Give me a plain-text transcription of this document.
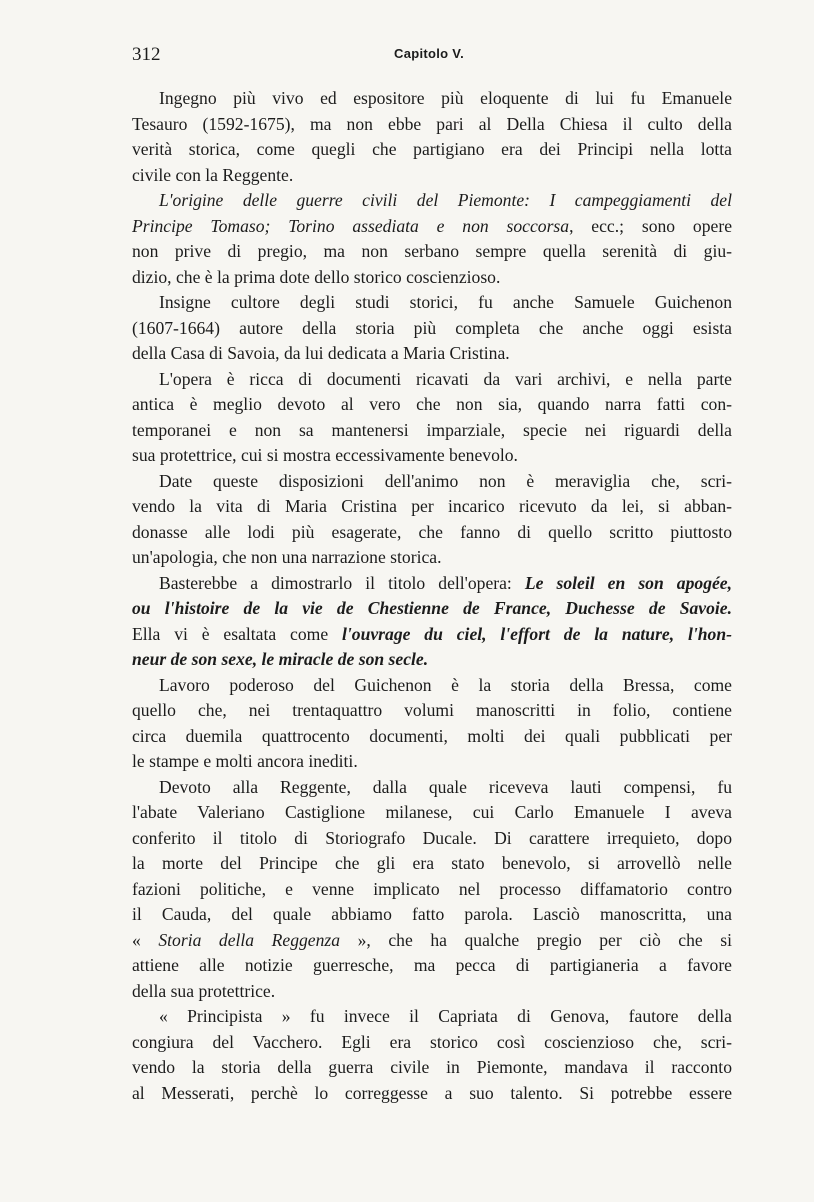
312	Capitolo V.
Ingegno più vivo ed espositore più eloquente di lui fu Emanuele
Tesauro (1592-1675), ma non ebbe pari al Della Chiesa il culto della
verità storica, come quegli che partigiano era dei Principi nella lotta
civile con la Reggente.
L'origine delle guerre civili del Piemonte: I campeggiamenti del
Principe Tomaso; Torino assediata e non soccorsa, ecc.; sono opere
non prive di pregio, ma non serbano sempre quella serenità di giu-
dizio, che è la prima dote dello storico coscienzioso.
Insigne cultore degli studi storici, fu anche Samuele Guichenon
(1607-1664) autore della storia più completa che anche oggi esista
della Casa di Savoia, da lui dedicata a Maria Cristina.
L'opera è ricca di documenti ricavati da vari archivi, e nella parte
antica è meglio devoto al vero che non sia, quando narra fatti con-
temporanei e non sa mantenersi imparziale, specie nei riguardi della
sua protettrice, cui si mostra eccessivamente benevolo.
Date queste disposizioni dell'animo non è meraviglia che, scri-
vendo la vita di Maria Cristina per incarico ricevuto da lei, si abban-
donasse alle lodi più esagerate, che fanno di quello scritto piuttosto
un'apologia, che non una narrazione storica.
Basterebbe a dimostrarlo il titolo dell'opera: Le soleil en son apogée,
ou l'histoire de la vie de Chestienne de France, Duchesse de Savoie.
Ella vi è esaltata come l'ouvrage du ciel, l'effort de la nature, l'hon-
neur de son sexe, le miracle de son secle.
Lavoro poderoso del Guichenon è la storia della Bressa, come
quello che, nei trentaquattro volumi manoscritti in folio, contiene
circa duemila quattrocento documenti, molti dei quali pubblicati per
le stampe e molti ancora inediti.
Devoto alla Reggente, dalla quale riceveva lauti compensi, fu
l'abate Valeriano Castiglione milanese, cui Carlo Emanuele I aveva
conferito il titolo di Storiografo Ducale. Di carattere irrequieto, dopo
la morte del Principe che gli era stato benevolo, si arrovellò nelle
fazioni politiche, e venne implicato nel processo diffamatorio contro
il Cauda, del quale abbiamo fatto parola. Lasciò manoscritta, una
« Storia della Reggenza », che ha qualche pregio per ciò che si
attiene alle notizie guerresche, ma pecca di partigianeria a favore
della sua protettrice.
« Principista » fu invece il Capriata di Genova, fautore della
congiura del Vacchero. Egli era storico così coscienzioso che, scri-
vendo la storia della guerra civile in Piemonte, mandava il racconto
al Messerati, perchè lo correggesse a suo talento. Si potrebbe essere
